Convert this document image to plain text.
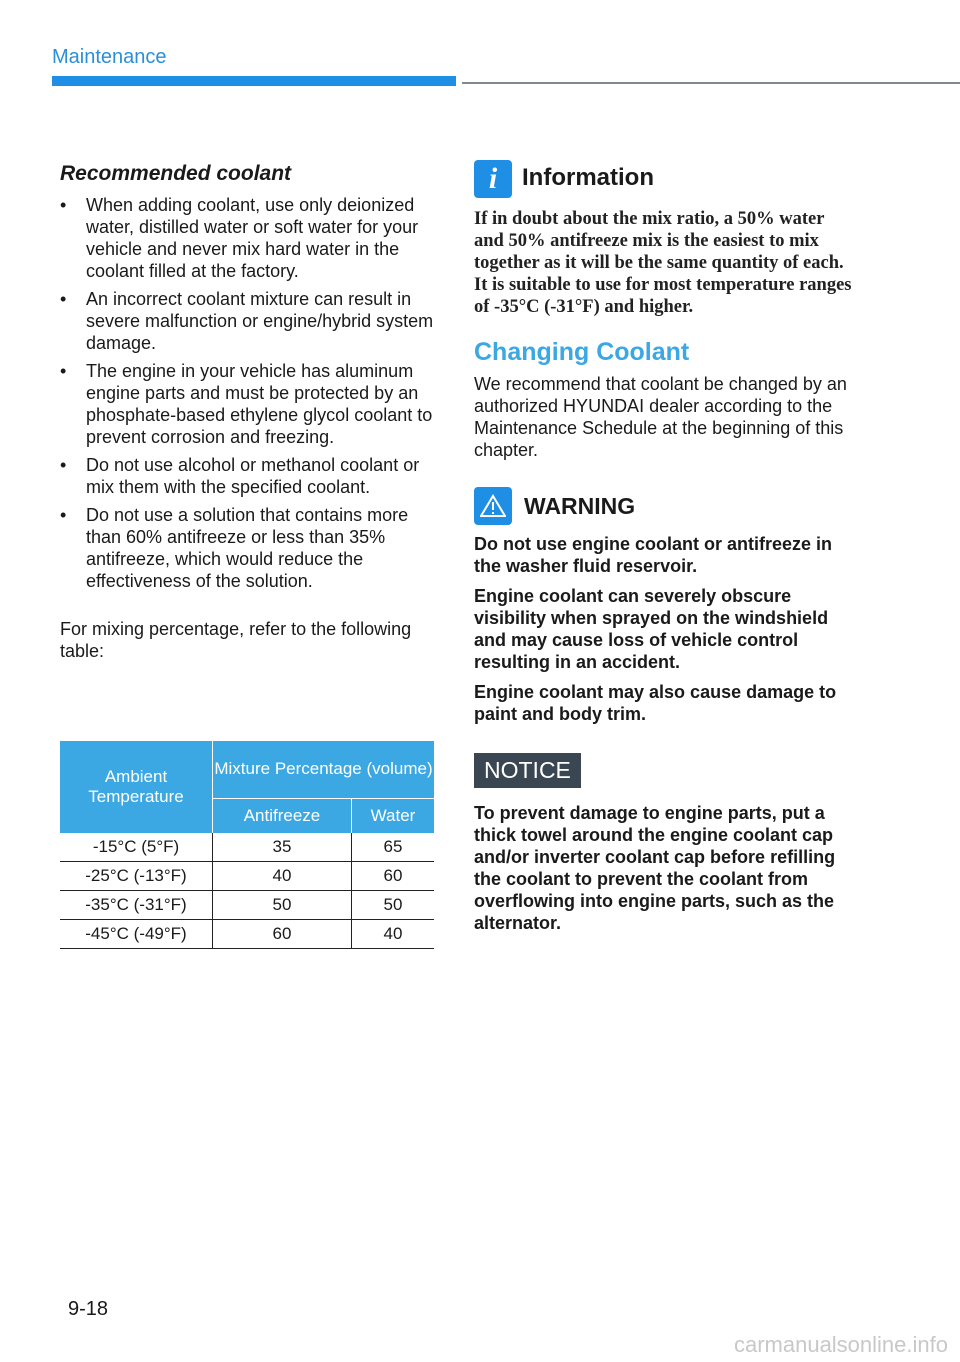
Maintenance
Recommended coolant
•	When adding coolant, use only deionized water, distilled water or soft water for your vehicle and never mix hard water in the coolant filled at the factory.
•	An incorrect coolant mixture can result in severe malfunction or engine/hybrid system damage.
•	The engine in your vehicle has aluminum engine parts and must be protected by an phosphate-based ethylene glycol coolant to prevent corrosion and freezing.
•	Do not use alcohol or methanol coolant or mix them with the specified coolant.
•	Do not use a solution that contains more than 60% antifreeze or less than 35% antifreeze, which would reduce the effectiveness of the solution.
For mixing percentage, refer to the following table:
Ambient Temperature	Mixture Percentage (volume)	
	Antifreeze	Water
-15°C (5°F)	35	65
-25°C (-13°F)	40	60
-35°C (-31°F)	50	50
-45°C (-49°F)	60	40
i	Information
If in doubt about the mix ratio, a 50% water and 50% antifreeze mix is the easiest to mix together as it will be the same quantity of each. It is suitable to use for most temperature ranges of -35°C (-31°F) and higher.
Changing Coolant
We recommend that coolant be changed by an authorized HYUNDAI dealer according to the Maintenance Schedule at the beginning of this chapter.
WARNING

Do not use engine coolant or antifreeze in the washer fluid reservoir.

Engine coolant can severely obscure visibility when sprayed on the windshield and may cause loss of vehicle control resulting in an accident.

Engine coolant may also cause damage to paint and body trim.

NOTICE

To prevent damage to engine parts, put a thick towel around the engine coolant cap and/or inverter coolant cap before refilling the coolant to prevent the coolant from overflowing into engine parts, such as the alternator.

9-18
carmanualsonline.info
